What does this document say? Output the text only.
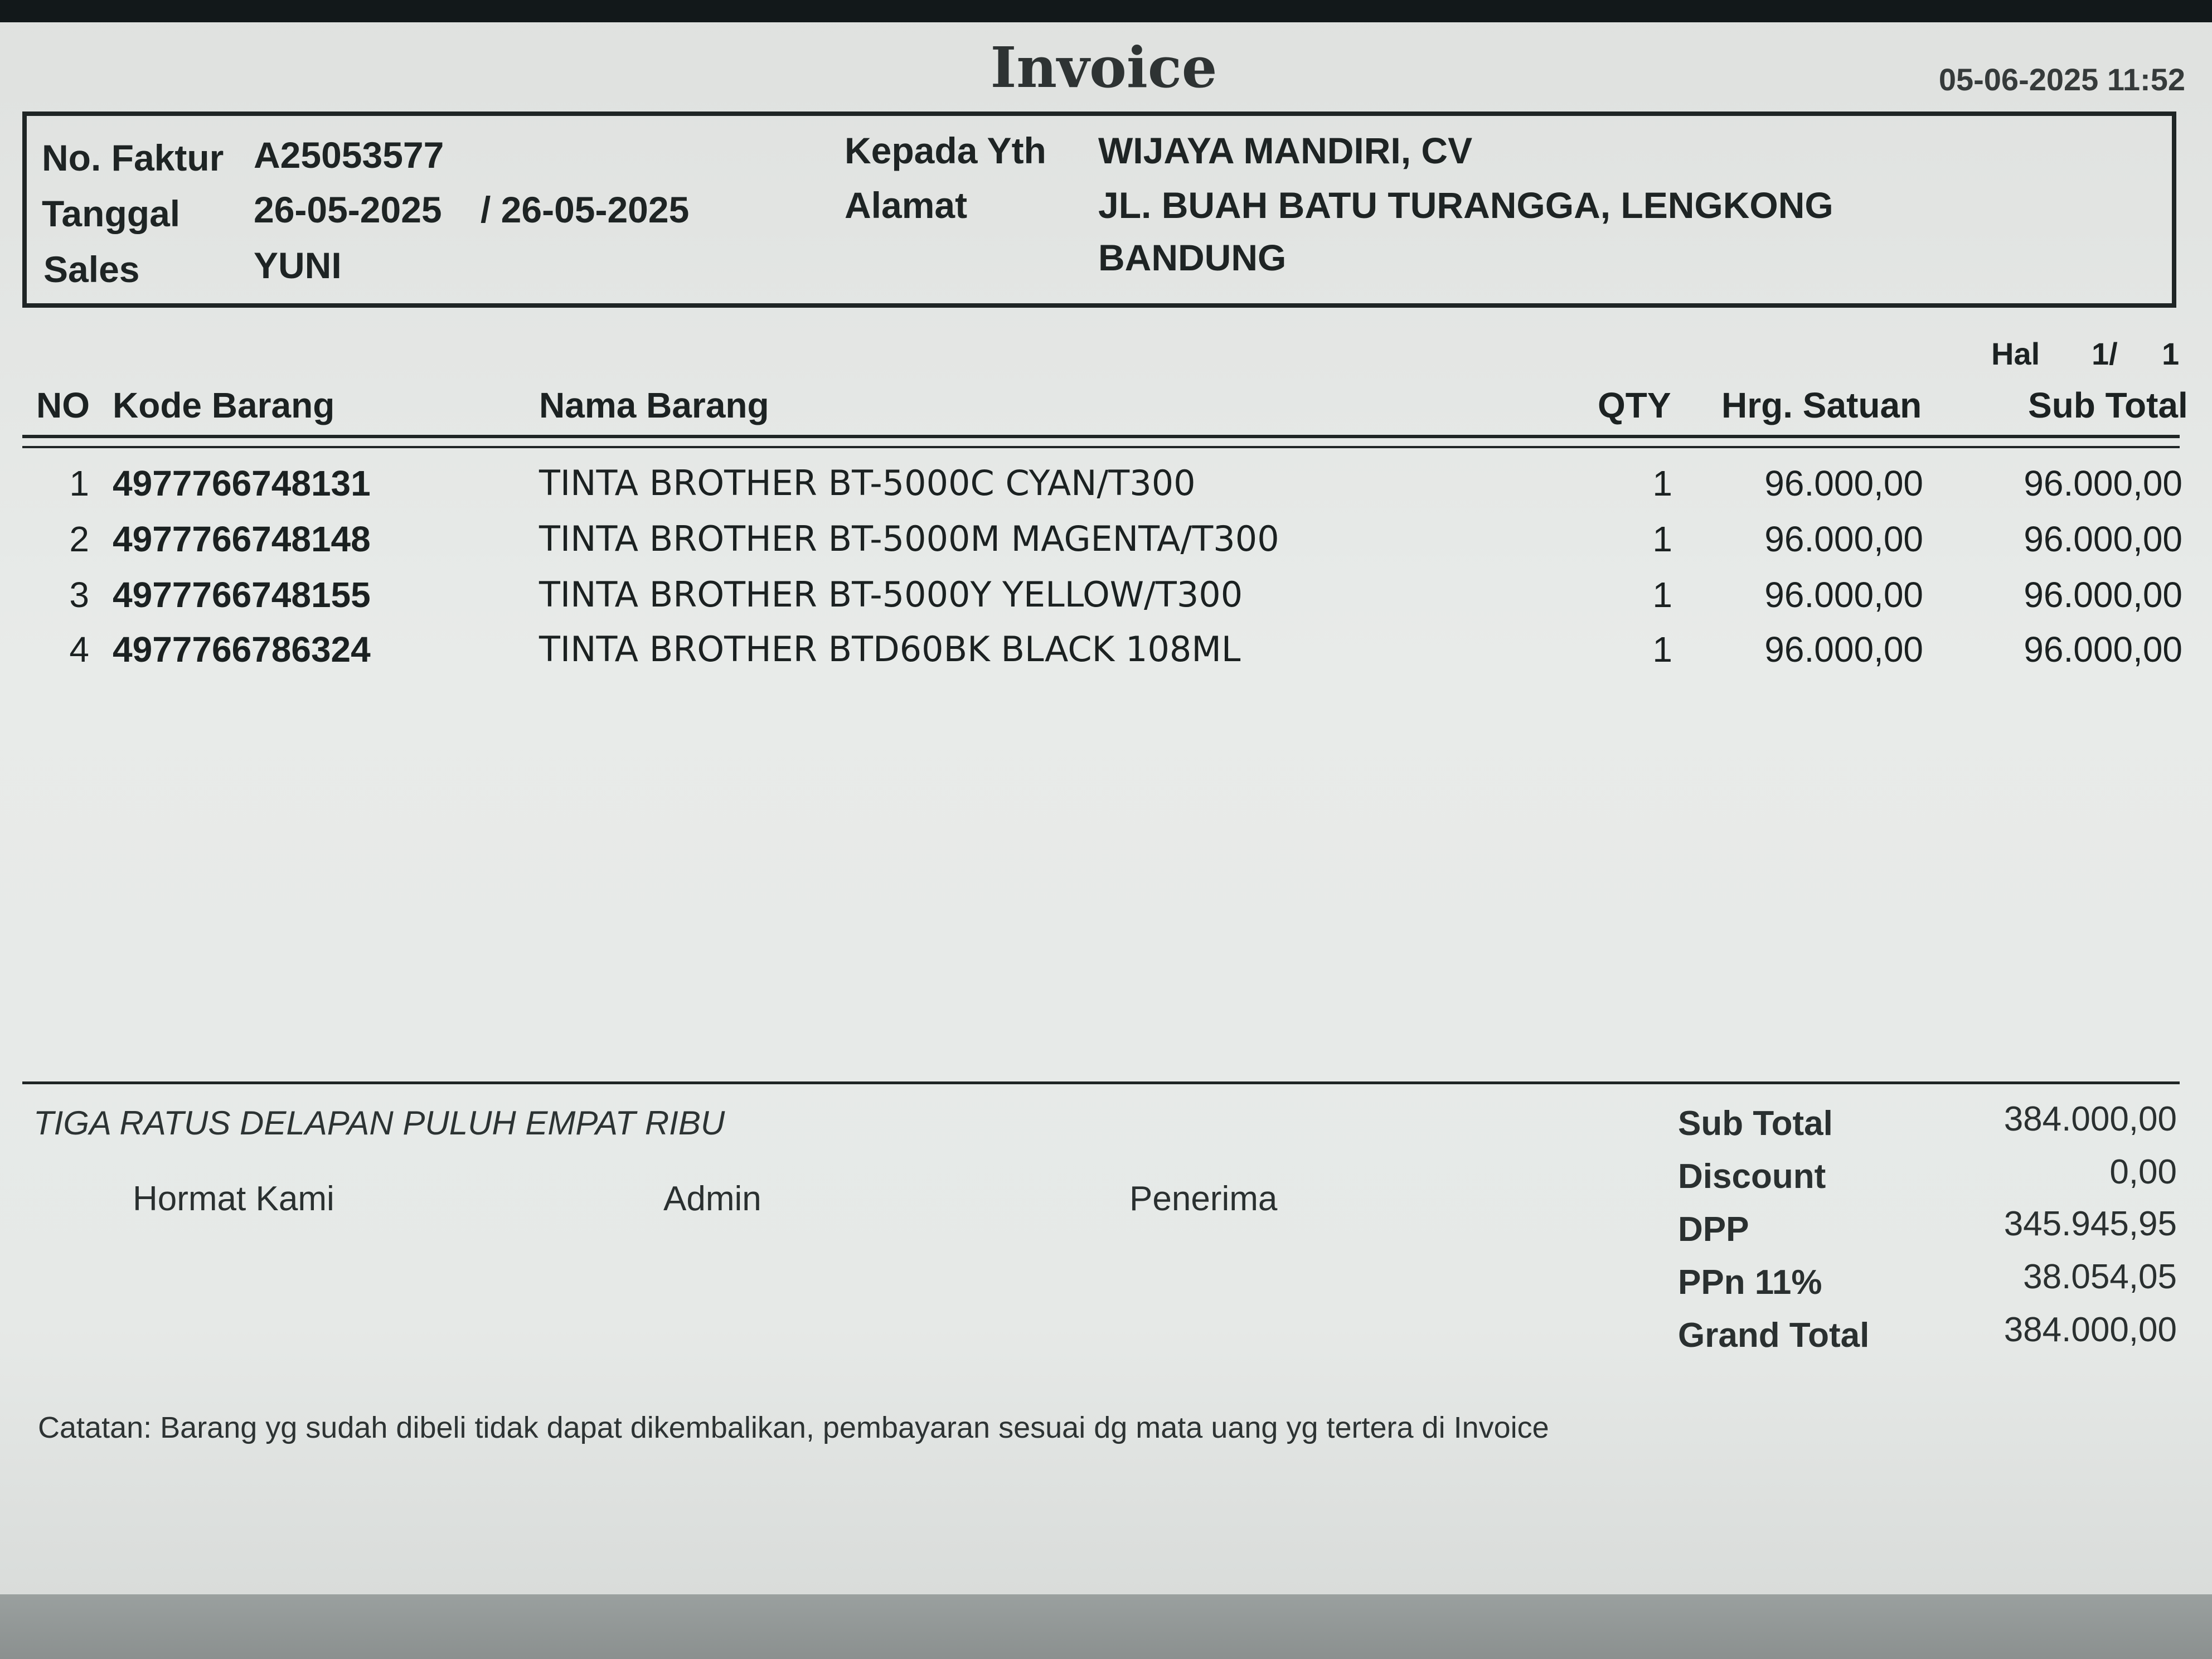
Invoice	05-06-2025 11:52
No. Faktur A25053577
Tanggal 26-05-2025 / 26-05-2025
Sales	YUNI
Kepada Yth WIJAYA MANDIRI, CV
Alamat	JL. BUAH BATU TURANGGA, LENGKONG
BANDUNG
Hal 1/ 1
NO Kode Barang	Nama Barang	QTY Hrg. Satuan	Sub Total
1 4977766748131	TINTA BROTHER BT-5000C CYAN/T300	1	96.000,00	96.000,00
2 4977766748148	TINTA BROTHER BT-5000M MAGENTA/T300	1	96.000,00	96.000,00
3 4977766748155	TINTA BROTHER BT-5000Y YELLOW/T300	1	96.000,00	96.000,00
4 4977766786324	TINTA BROTHER BTD60BK BLACK 108ML	1	96.000,00	96.000,00
TIGA RATUS DELAPAN PULUH EMPAT RIBU
Hormat Kami	Admin	Penerima
Sub Total	384.000,00
Discount	0,00
DPP	345.945,95
PPn 11%	38.054,05
Grand Total	384.000,00
Catatan: Barang yg sudah dibeli tidak dapat dikembalikan, pembayaran sesuai dg mata uang yg tertera di Invoice
